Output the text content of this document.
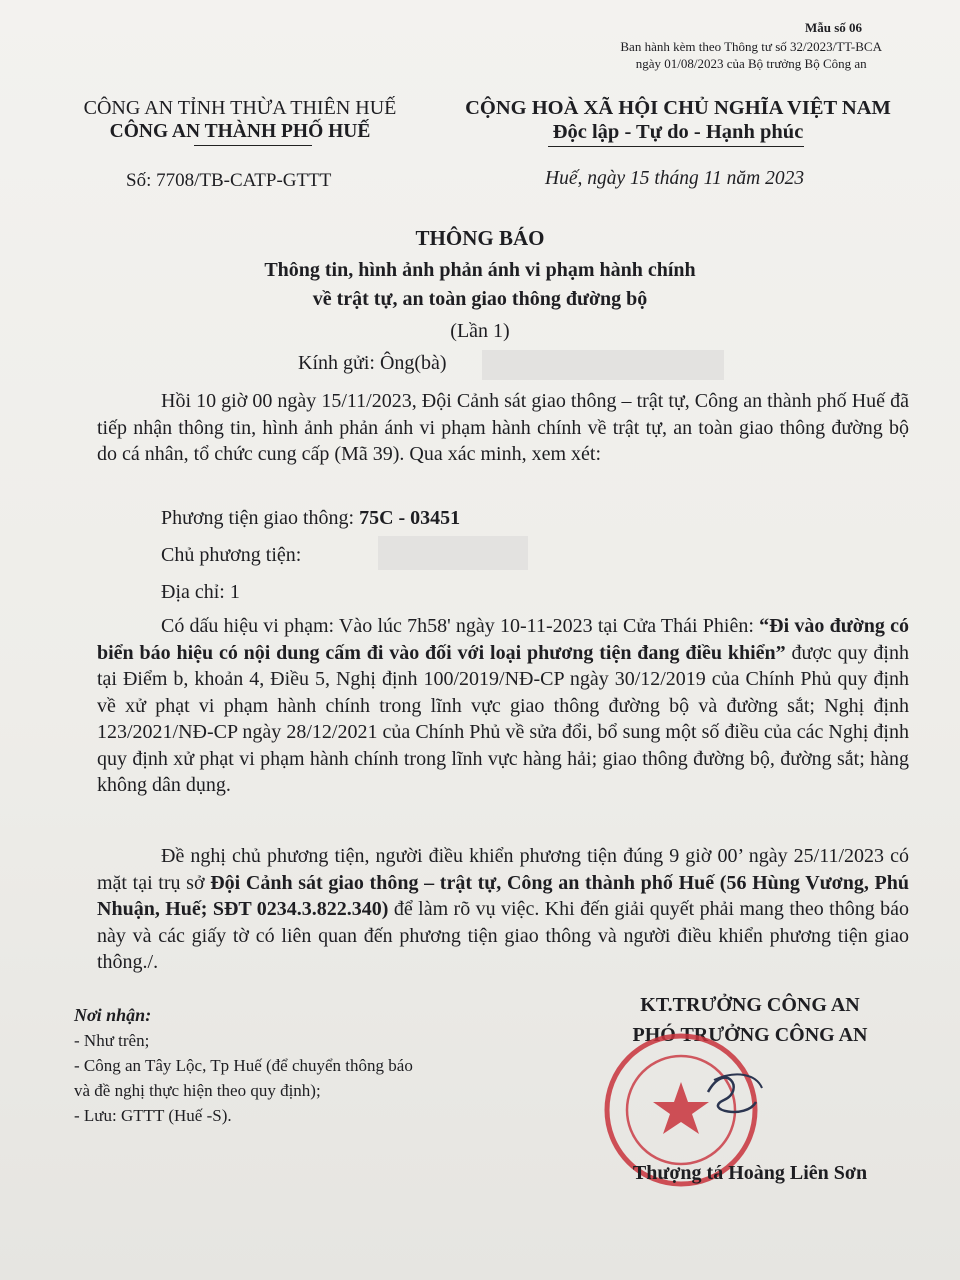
Mẫu số 06
Ban hành kèm theo Thông tư số 32/2023/TT-BCA
ngày 01/08/2023 của Bộ trưởng Bộ Công an
CÔNG AN TỈNH THỪA THIÊN HUẾ
CÔNG AN THÀNH PHỐ HUẾ
CỘNG HOÀ XÃ HỘI CHỦ NGHĨA VIỆT NAM
Độc lập - Tự do - Hạnh phúc
Số: 7708/TB-CATP-GTTT	Huế, ngày 15 tháng 11 năm 2023
THÔNG BÁO
Thông tin, hình ảnh phản ánh vi phạm hành chính
về trật tự, an toàn giao thông đường bộ
(Lần 1)
Kính gửi: Ông(bà)
Hồi 10 giờ 00 ngày 15/11/2023, Đội Cảnh sát giao thông – trật tự, Công an thành phố Huế đã tiếp nhận thông tin, hình ảnh phản ánh vi phạm hành chính về trật tự, an toàn giao thông đường bộ do cá nhân, tổ chức cung cấp (Mã 39). Qua xác minh, xem xét:
Phương tiện giao thông: 75C - 03451
Chủ phương tiện:
Địa chỉ: 1
Có dấu hiệu vi phạm: Vào lúc 7h58' ngày 10-11-2023 tại Cửa Thái Phiên: “Đi vào đường có biển báo hiệu có nội dung cấm đi vào đối với loại phương tiện đang điều khiển” được quy định tại Điểm b, khoản 4, Điều 5, Nghị định 100/2019/NĐ-CP ngày 30/12/2019 của Chính Phủ quy định về xử phạt vi phạm hành chính trong lĩnh vực giao thông đường bộ và đường sắt; Nghị định 123/2021/NĐ-CP ngày 28/12/2021 của Chính Phủ về sửa đổi, bổ sung một số điều của các Nghị định quy định xử phạt vi phạm hành chính trong lĩnh vực hàng hải; giao thông đường bộ, đường sắt; hàng không dân dụng.
Đề nghị chủ phương tiện, người điều khiển phương tiện đúng 9 giờ 00’ ngày 25/11/2023 có mặt tại trụ sở Đội Cảnh sát giao thông – trật tự, Công an thành phố Huế (56 Hùng Vương, Phú Nhuận, Huế; SĐT 0234.3.822.340) để làm rõ vụ việc. Khi đến giải quyết phải mang theo thông báo này và các giấy tờ có liên quan đến phương tiện giao thông và người điều khiển phương tiện giao thông./.
Nơi nhận:
- Như trên;
- Công an Tây Lộc, Tp Huế (để chuyển thông báo
và đề nghị thực hiện theo quy định);
- Lưu: GTTT (Huế -S).
KT.TRƯỞNG CÔNG AN
PHÓ TRƯỞNG CÔNG AN
Thượng tá Hoàng Liên Sơn
